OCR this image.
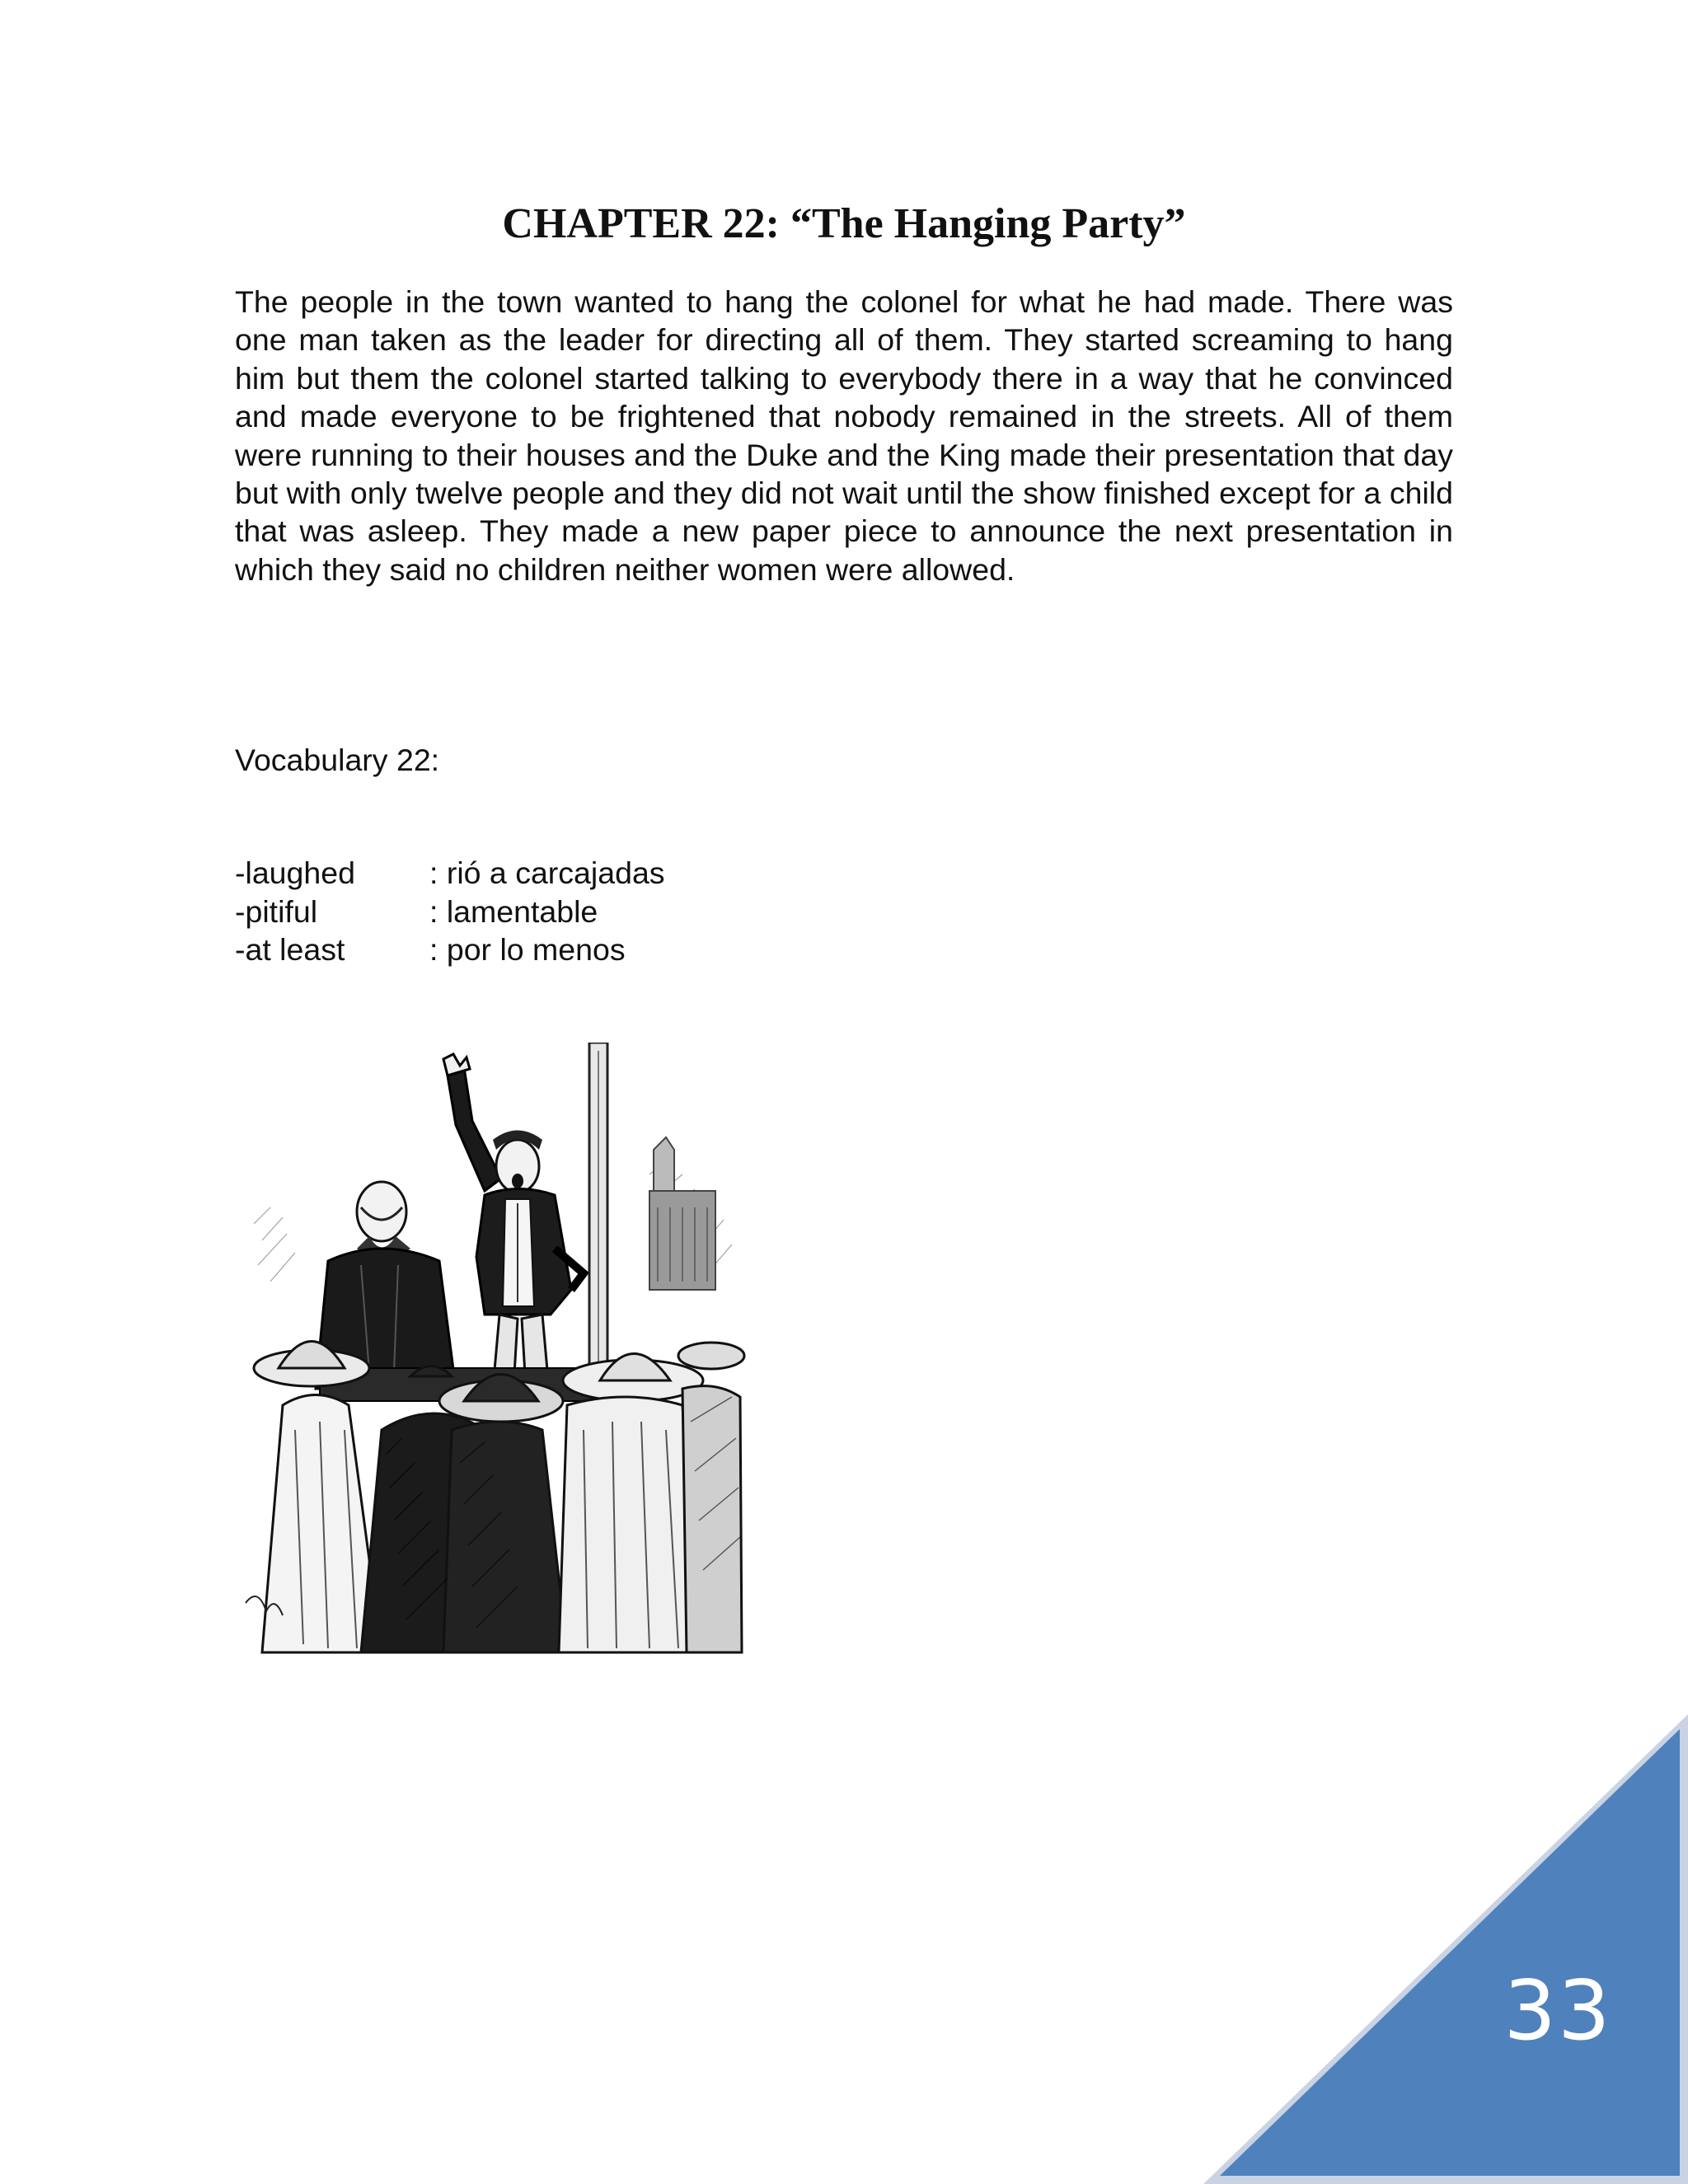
CHAPTER 22: “The Hanging Party”

The people in the town wanted to hang the colonel for what he had made. There was one man taken as the leader for directing all of them. They started screaming to hang him but them the colonel started talking to everybody there in a way that he convinced and made everyone to be frightened that nobody remained in the streets. All of them were running to their houses and the Duke and the King made their presentation that day but with only twelve people and they did not wait until the show finished except for a child that was asleep. They made a new paper piece to announce the next presentation in which they said no children neither women were allowed.

Vocabulary 22:

-laughed	: rió a carcajadas
-pitiful	: lamentable
-at least	: por lo menos
33
